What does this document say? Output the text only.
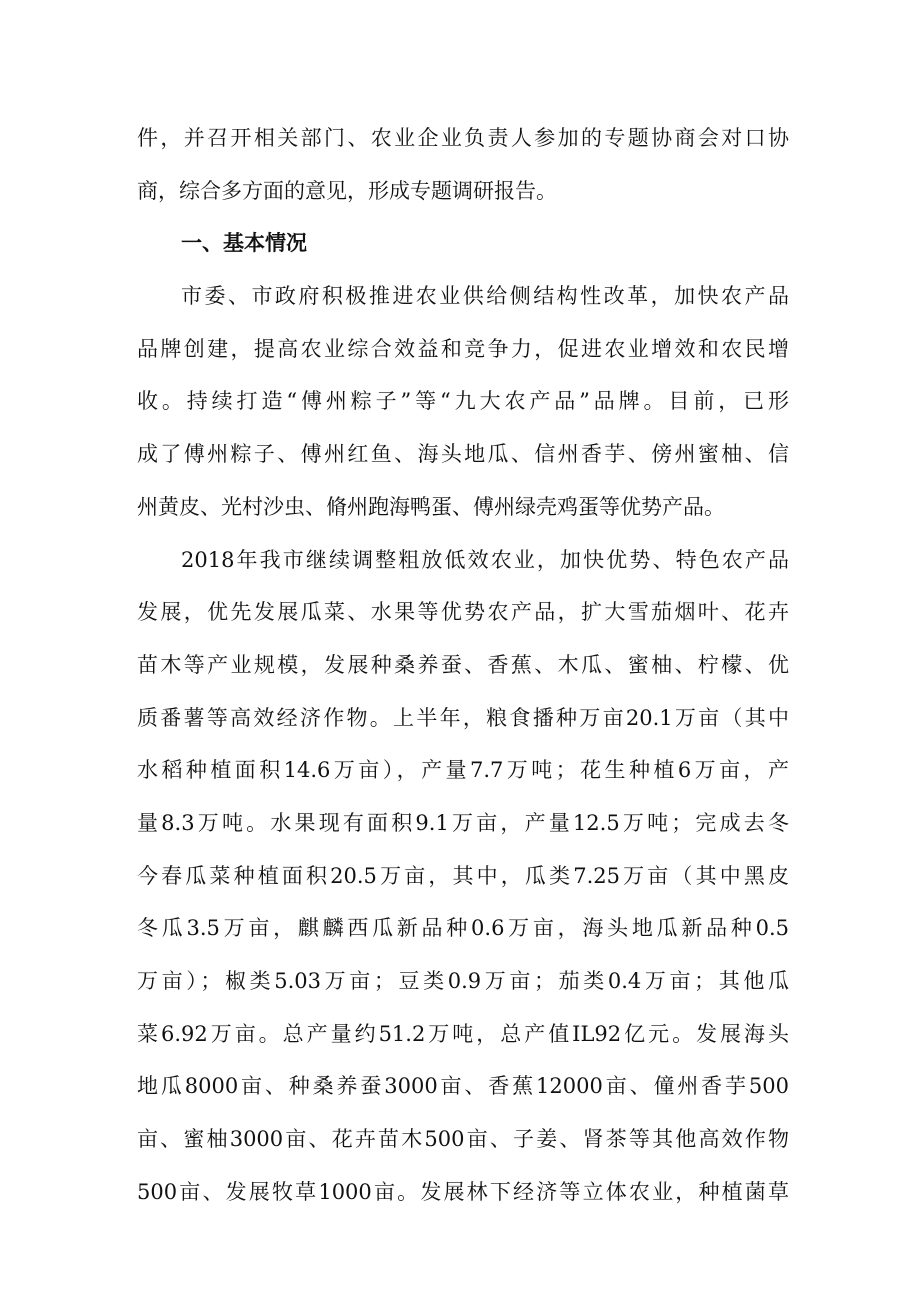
件，并召开相关部门、农业企业负责人参加的专题协商会对口协
商，综合多方面的意见，形成专题调研报告。
一、基本情况
市委、市政府积极推进农业供给侧结构性改革，加快农产品
品牌创建，提高农业综合效益和竞争力，促进农业增效和农民增
收。持续打造“傅州粽子”等“九大农产品”品牌。目前，已形
成了傅州粽子、傅州红鱼、海头地瓜、信州香芋、傍州蜜柚、信
州黄皮、光村沙虫、脩州跑海鸭蛋、傅州绿壳鸡蛋等优势产品。
2018年我市继续调整粗放低效农业，加快优势、特色农产品
发展，优先发展瓜菜、水果等优势农产品，扩大雪茄烟叶、花卉
苗木等产业规模，发展种桑养蚕、香蕉、木瓜、蜜柚、柠檬、优
质番薯等高效经济作物。上半年，粮食播种万亩20.1万亩（其中
水稻种植面积14.6万亩），产量7.7万吨；花生种植6万亩，产
量8.3万吨。水果现有面积9.1万亩，产量12.5万吨；完成去冬
今春瓜菜种植面积20.5万亩，其中，瓜类7.25万亩（其中黑皮
冬瓜3.5万亩，麒麟西瓜新品种0.6万亩，海头地瓜新品种0.5
万亩）；椒类5.03万亩；豆类0.9万亩；茄类0.4万亩；其他瓜
菜6.92万亩。总产量约51.2万吨，总产值IL92亿元。发展海头
地瓜8000亩、种桑养蚕3000亩、香蕉12000亩、僮州香芋500
亩、蜜柚3000亩、花卉苗木500亩、子姜、肾茶等其他高效作物
500亩、发展牧草1000亩。发展林下经济等立体农业，种植菌草
